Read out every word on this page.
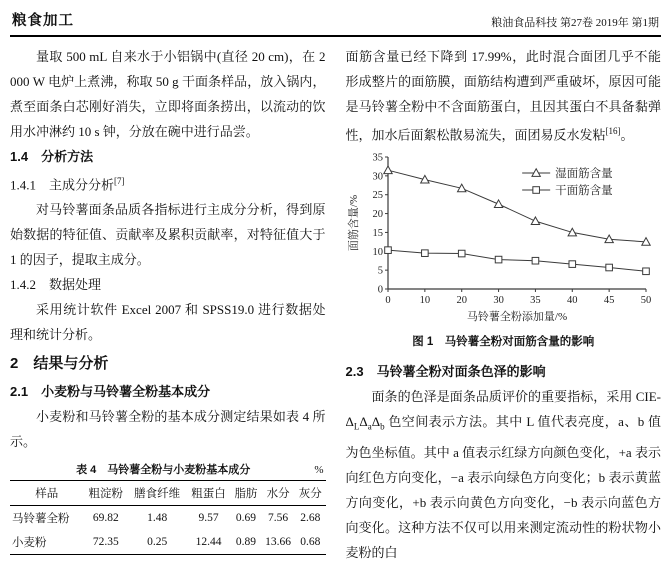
粮食加工	粮油食品科技 第27卷 2019年 第1期

量取 500 mL 自来水于小铝锅中(直径 20 cm)，在 2 000 W 电炉上煮沸，称取 50 g 干面条样品，放入锅内，煮至面条白芯刚好消失，立即将面条捞出，以流动的饮用水冲淋约 10 s 钟，分放在碗中进行品尝。

1.4　分析方法
1.4.1　主成分分析[7]

对马铃薯面条品质各指标进行主成分分析，得到原始数据的特征值、贡献率及累积贡献率，对特征值大于 1 的因子，提取主成分。

1.4.2　数据处理

采用统计软件 Excel 2007 和 SPSS19.0 进行数据处理和统计分析。

2　结果与分析
2.1　小麦粉与马铃薯全粉基本成分

小麦粉和马铃薯全粉的基本成分测定结果如表 4 所示。

表 4　马铃薯全粉与小麦粉基本成分	%
样品	粗淀粉	膳食纤维	粗蛋白	脂肪	水分	灰分
马铃薯全粉	69.82	1.48	9.57	0.69	7.56	2.68
小麦粉	72.35	0.25	12.44	0.89	13.66	0.68

面筋含量已经下降到 17.99%，此时混合面团几乎不能形成整片的面筋膜，面筋结构遭到严重破坏，原因可能是马铃薯全粉中不含面筋蛋白，且因其蛋白不具备黏弹性，加水后面絮松散易流失，面团易反水发粘[16]。

0
5
10
15
20
25
30
35
0	10	20	30	35	40	45	50
马铃薯全粉添加量/%
面筋含量/%
湿面筋含量
干面筋含量
图 1　马铃薯全粉对面筋含量的影响
2.3　马铃薯全粉对面条色泽的影响

面条的色泽是面条品质评价的重要指标，采用 CIE-$\Delta_L\Delta_a\Delta_b$ 色空间表示方法。其中 L 值代表亮度，a、b 值为色坐标值。其中 a 值表示红绿方向颜色变化，+a 表示向红色方向变化，−a 表示向绿色方向变化；b 表示黄蓝方向变化，+b 表示向黄色方向变化，−b 表示向蓝色方向变化。这种方法不仅可以用来测定流动性的粉状物小麦粉的白
